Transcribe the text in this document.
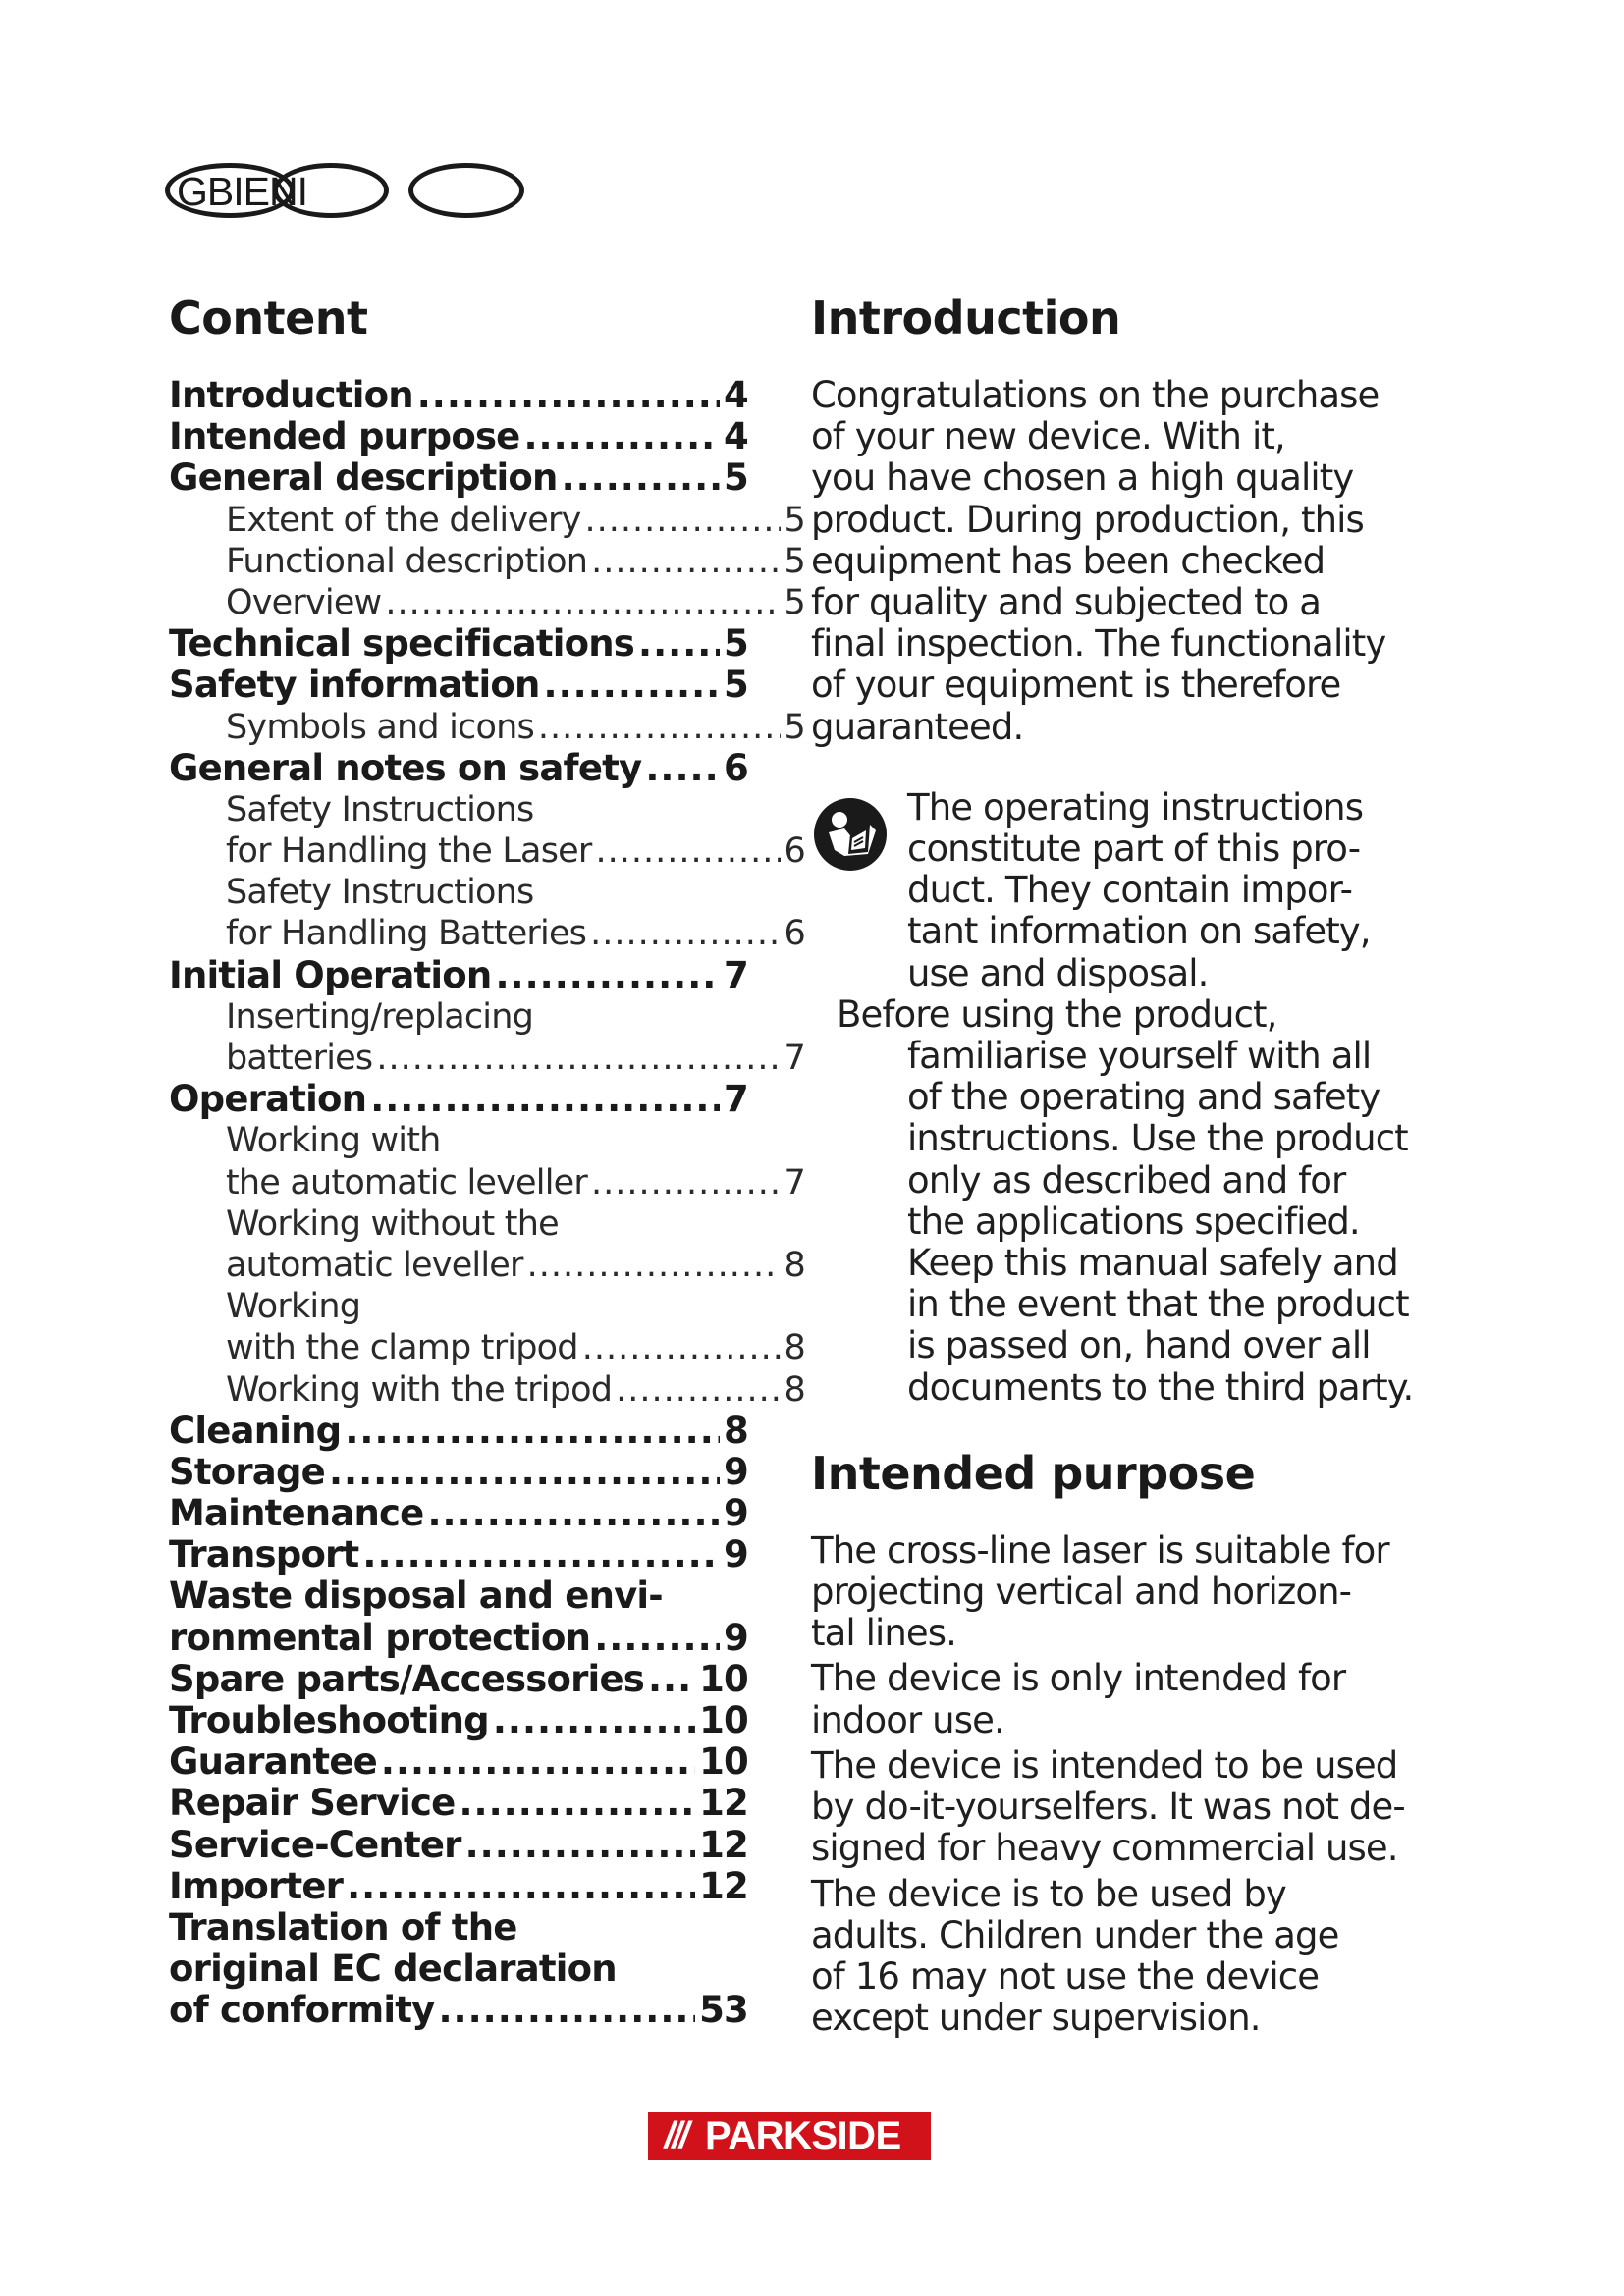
GBIENI
Content
Introduction .....	4
Intended purpose .....	4
General description .....	5
Extent of the delivery .....	5
Functional description .....	5
Overview .....	5
Technical specifications ..... 5
Safety information .....	5
Symbols and icons .....	5
General notes on safety ..... 6
Safety Instructions
for Handling the Laser .....	6
Safety Instructions
for Handling Batteries .....	6
Initial Operation .....	7
Inserting/replacing
batteries .....	7
Operation .....	7
Working with
the automatic leveller .....	7
Working without the
automatic leveller .....	8
Working
with the clamp tripod .....	8
Working with the tripod .....	8
Cleaning .....	8
Storage .....	9
Maintenance .....	9
Transport .....	9
Waste disposal and envi-
ronmental protection .....	9
Spare parts/Accessories ..... 10
Troubleshooting .....	10
Guarantee .....	10
Repair Service .....	12
Service-Center .....	12
Importer .....	12
Translation of the
original EC declaration
of conformity .....	53
Introduction
Congratulations on the purchase
of your new device. With it,
you have chosen a high quality
product. During production, this
equipment has been checked
for quality and subjected to a
final inspection. The functionality
of your equipment is therefore
guaranteed.
The operating instructions
constitute part of this pro-
duct. They contain impor-
tant information on safety,
use and disposal.
Before using the product,
familiarise yourself with all
of the operating and safety
instructions. Use the product
only as described and for
the applications specified.
Keep this manual safely and
in the event that the product
is passed on, hand over all
documents to the third party.
Intended purpose
The cross-line laser is suitable for
projecting vertical and horizon-
tal lines.
The device is only intended for
indoor use.
The device is intended to be used
by do-it-yourselfers. It was not de-
signed for heavy commercial use.
The device is to be used by
adults. Children under the age
of 16 may not use the device
except under supervision.
/// PARKSIDE
